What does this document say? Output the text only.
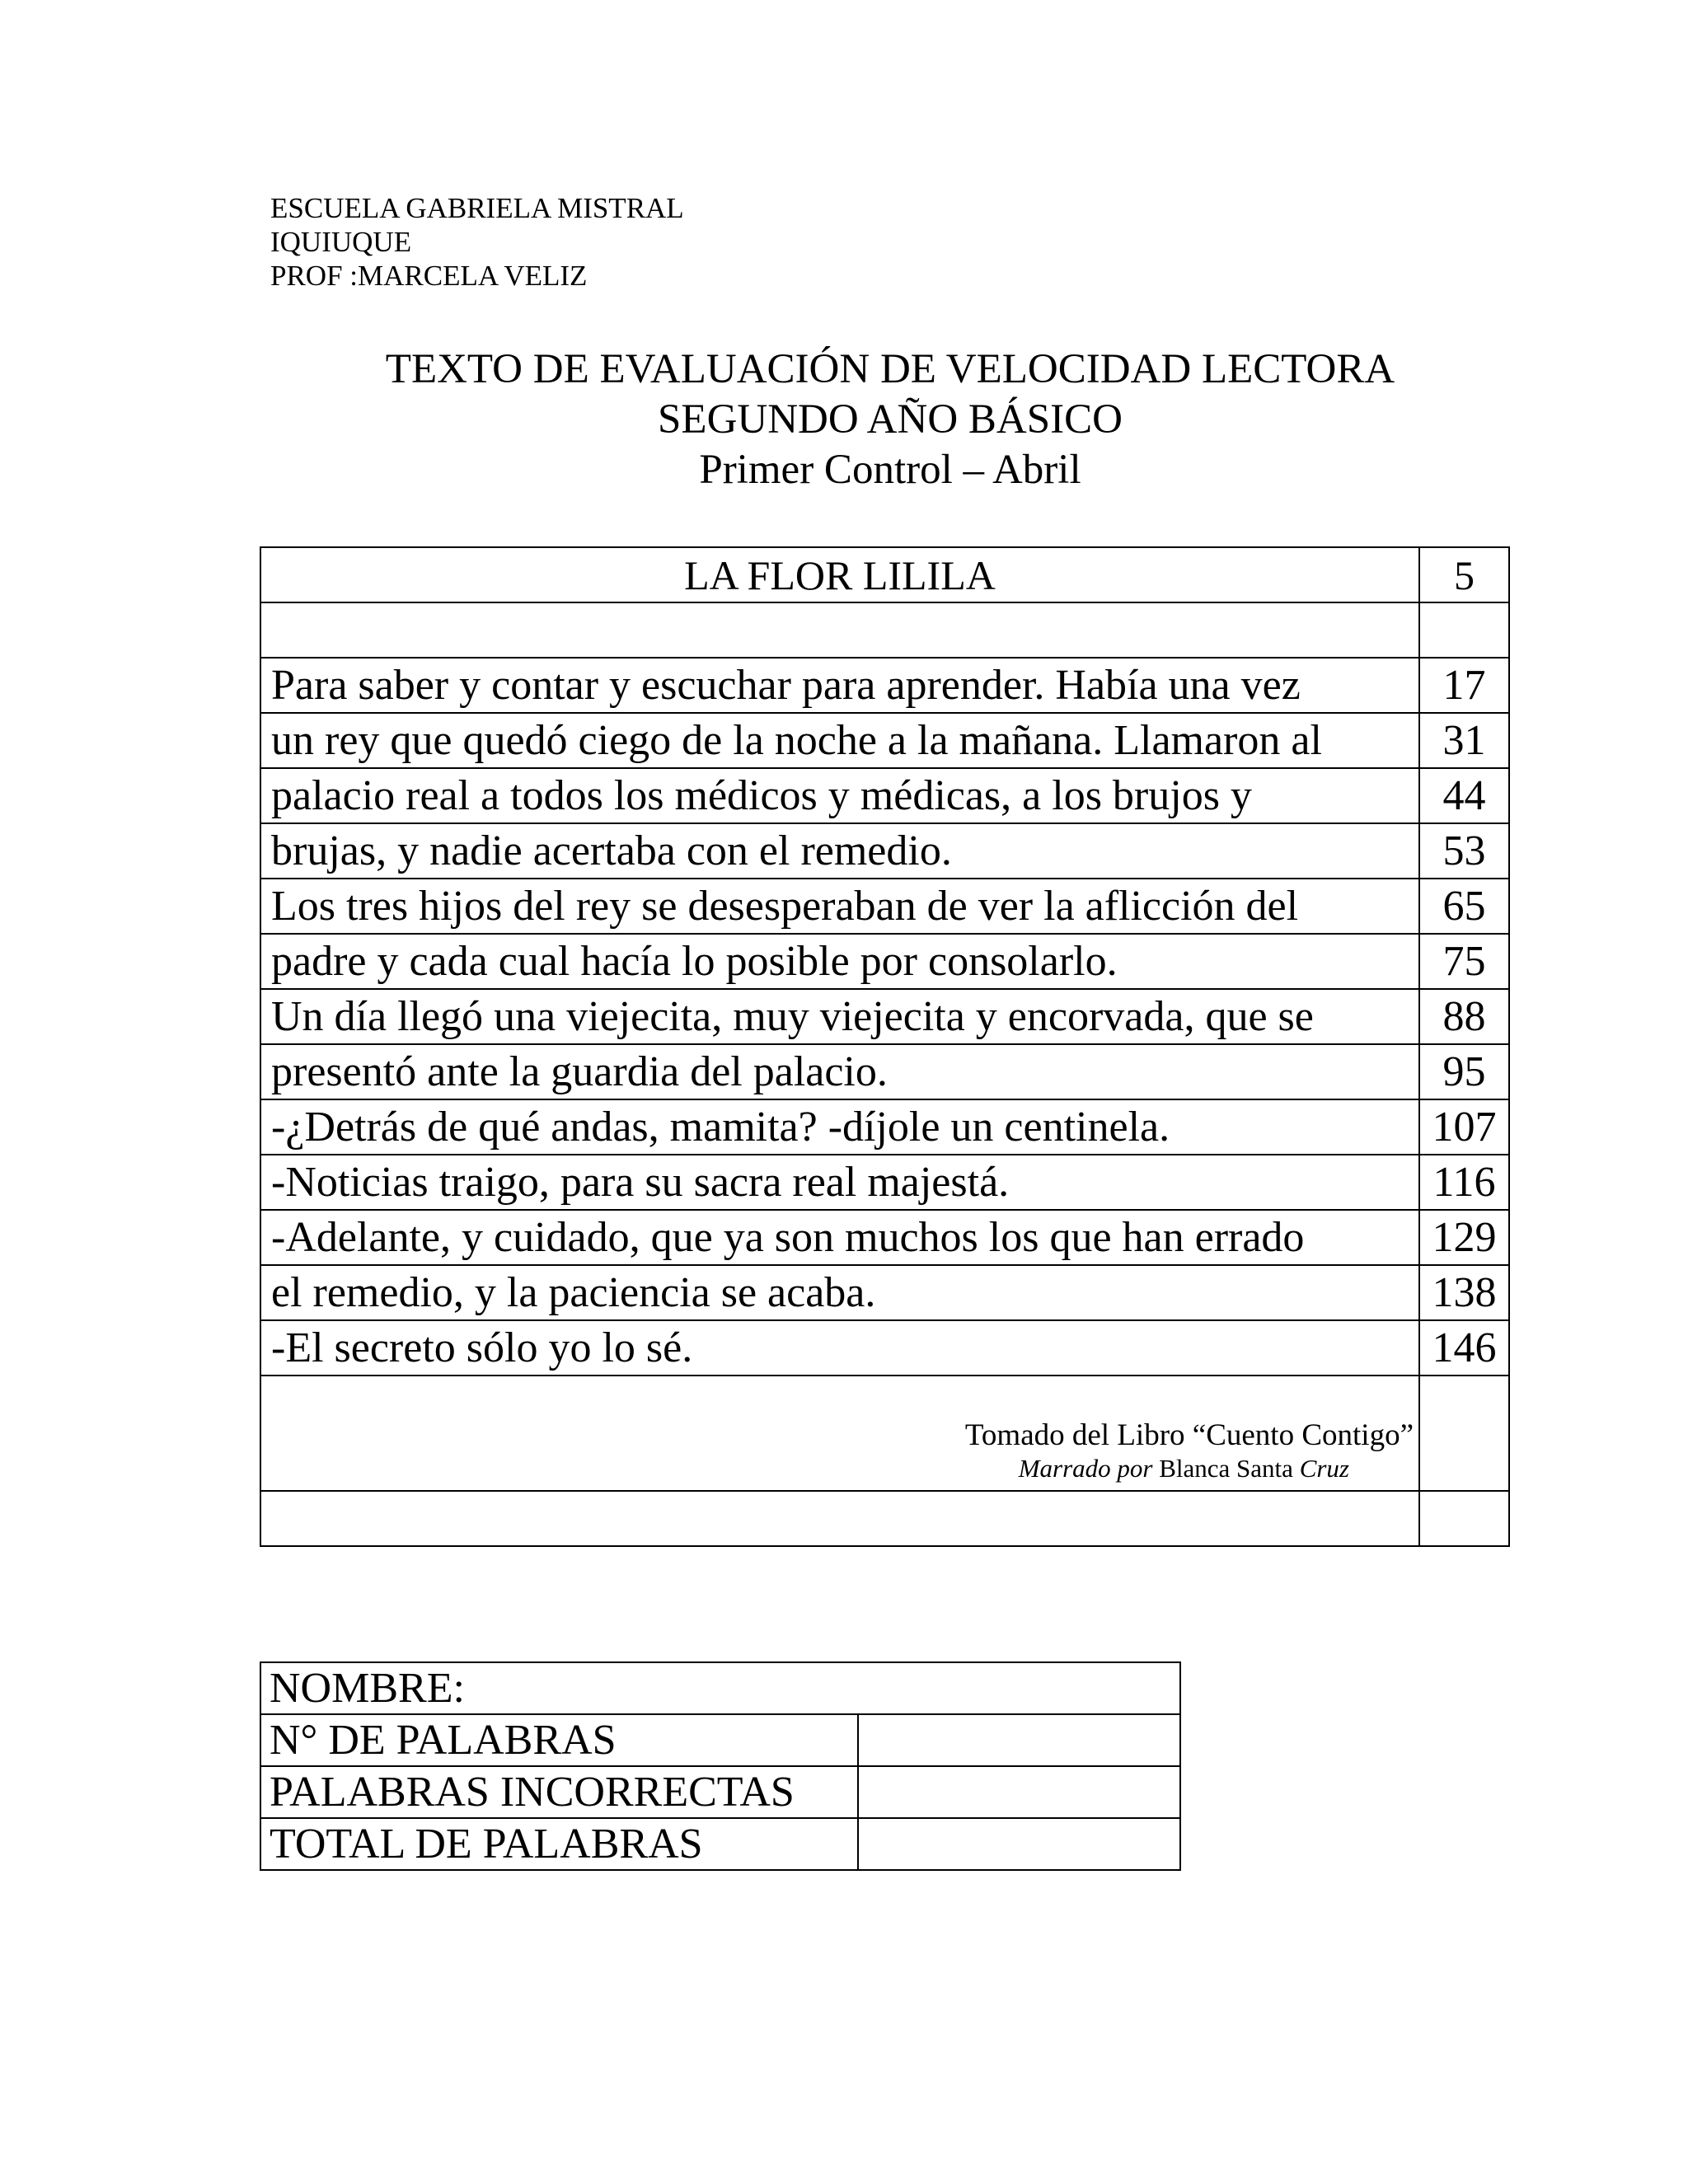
ESCUELA GABRIELA MISTRAL
IQUIUQUE
PROF :MARCELA VELIZ
TEXTO DE EVALUACIÓN DE VELOCIDAD LECTORA
SEGUNDO AÑO BÁSICO
Primer Control – Abril
LA FLOR LILILA	5

Para saber y contar y escuchar para aprender. Había una vez	17
un rey que quedó ciego de la noche a la mañana. Llamaron al	31
palacio real a todos los médicos y médicas, a los brujos y	44
brujas, y nadie acertaba con el remedio.	53
Los tres hijos del rey se desesperaban de ver la aflicción del	65
padre y cada cual hacía lo posible por consolarlo.	75
Un día llegó una viejecita, muy viejecita y encorvada, que se	88
presentó ante la guardia del palacio.	95
-¿Detrás de qué andas, mamita? -díjole un centinela.	107
-Noticias traigo, para su sacra real majestá.	116
-Adelante, y cuidado, que ya son muchos los que han errado	129
el remedio, y la paciencia se acaba.	138
-El secreto sólo yo lo sé.	146

Tomado del Libro “Cuento Contigo”
Marrado por Blanca Santa Cruz	

NOMBRE:	
N° DE PALABRAS	
PALABRAS INCORRECTAS	
TOTAL DE PALABRAS	
